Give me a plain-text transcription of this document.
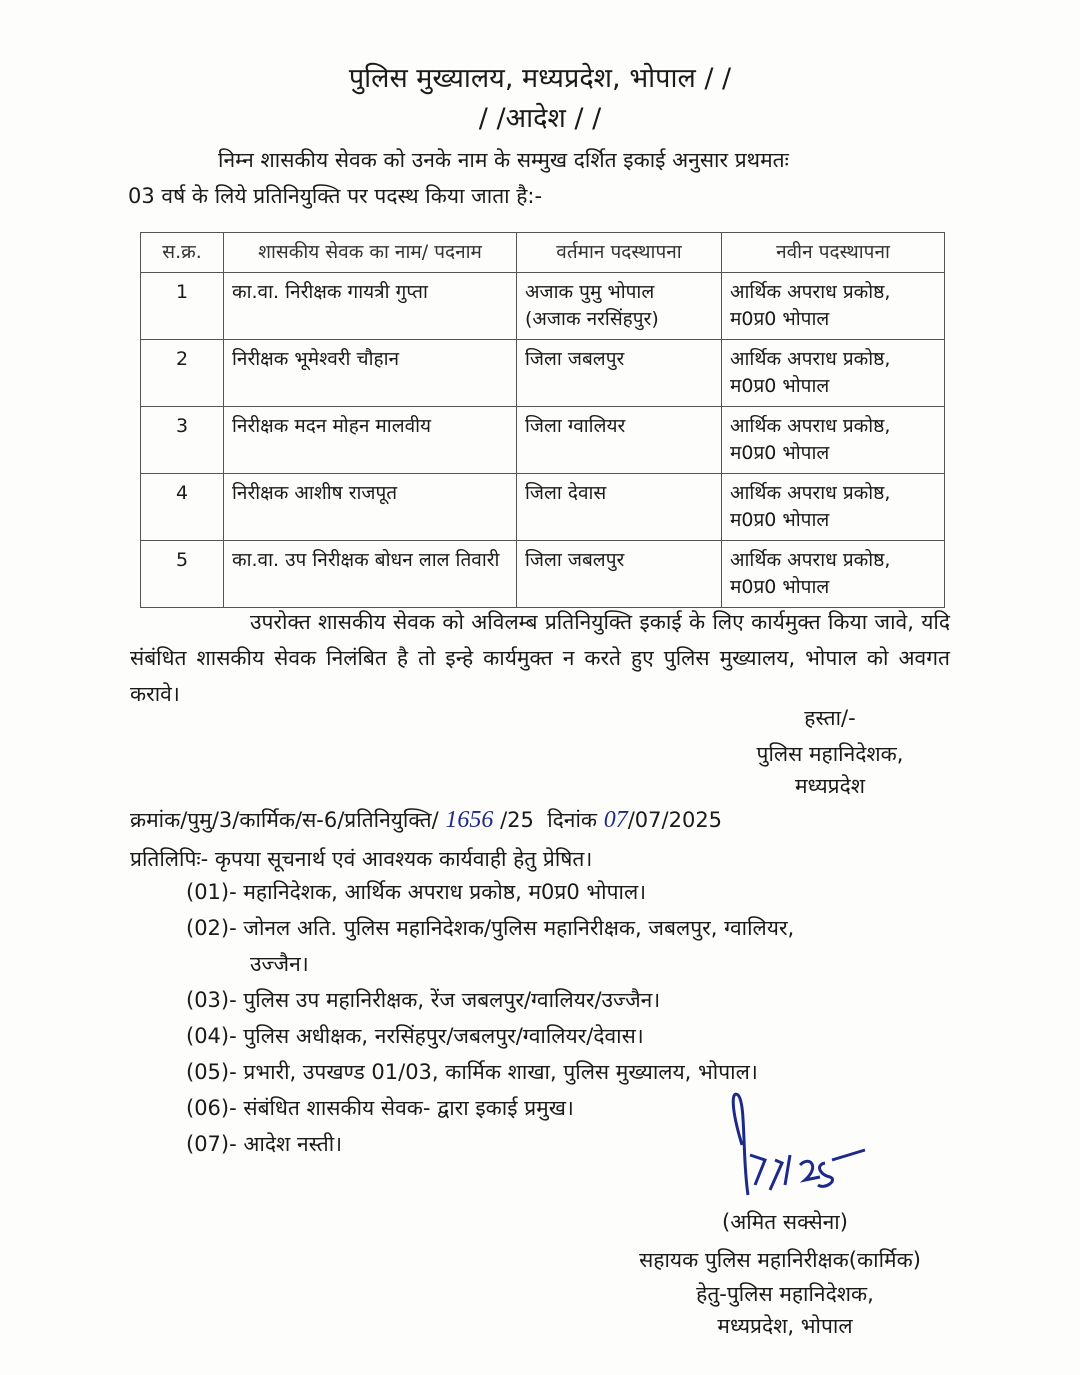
पुलिस मुख्यालय, मध्यप्रदेश, भोपाल / /
/ /आदेश / /
निम्न शासकीय सेवक को उनके नाम के सम्मुख दर्शित इकाई अनुसार प्रथमतः
03 वर्ष के लिये प्रतिनियुक्ति पर पदस्थ किया जाता है:-
स.क्र.	शासकीय सेवक का नाम/ पदनाम	वर्तमान पदस्थापना	नवीन पदस्थापना
1	का.वा. निरीक्षक गायत्री गुप्ता	अजाक पुमु भोपाल (अजाक नरसिंहपुर)	आर्थिक अपराध प्रकोष्ठ, म0प्र0 भोपाल
2	निरीक्षक भूमेश्वरी चौहान	जिला जबलपुर	आर्थिक अपराध प्रकोष्ठ, म0प्र0 भोपाल
3	निरीक्षक मदन मोहन मालवीय	जिला ग्वालियर	आर्थिक अपराध प्रकोष्ठ, म0प्र0 भोपाल
4	निरीक्षक आशीष राजपूत	जिला देवास	आर्थिक अपराध प्रकोष्ठ, म0प्र0 भोपाल
5	का.वा. उप निरीक्षक बोधन लाल तिवारी	जिला जबलपुर	आर्थिक अपराध प्रकोष्ठ, म0प्र0 भोपाल
उपरोक्त शासकीय सेवक को अविलम्ब प्रतिनियुक्ति इकाई के लिए कार्यमुक्त किया जावे, यदि संबंधित शासकीय सेवक निलंबित है तो इन्हे कार्यमुक्त न करते हुए पुलिस मुख्यालय, भोपाल को अवगत करावे।
हस्ता/-
पुलिस महानिदेशक,
मध्यप्रदेश
क्रमांक/पुमु/3/कार्मिक/स-6/प्रतिनियुक्ति/ 1656 /25 दिनांक 07/07/2025
प्रतिलिपिः- कृपया सूचनार्थ एवं आवश्यक कार्यवाही हेतु प्रेषित।
(01)- महानिदेशक, आर्थिक अपराध प्रकोष्ठ, म0प्र0 भोपाल।
(02)- जोनल अति. पुलिस महानिदेशक/पुलिस महानिरीक्षक, जबलपुर, ग्वालियर,
उज्जैन।
(03)- पुलिस उप महानिरीक्षक, रेंज जबलपुर/ग्वालियर/उज्जैन।
(04)- पुलिस अधीक्षक, नरसिंहपुर/जबलपुर/ग्वालियर/देवास।
(05)- प्रभारी, उपखण्ड 01/03, कार्मिक शाखा, पुलिस मुख्यालय, भोपाल।
(06)- संबंधित शासकीय सेवक- द्वारा इकाई प्रमुख।
(07)- आदेश नस्ती।
(अमित सक्सेना)
सहायक पुलिस महानिरीक्षक(कार्मिक)
हेतु-पुलिस महानिदेशक,
मध्यप्रदेश, भोपाल
